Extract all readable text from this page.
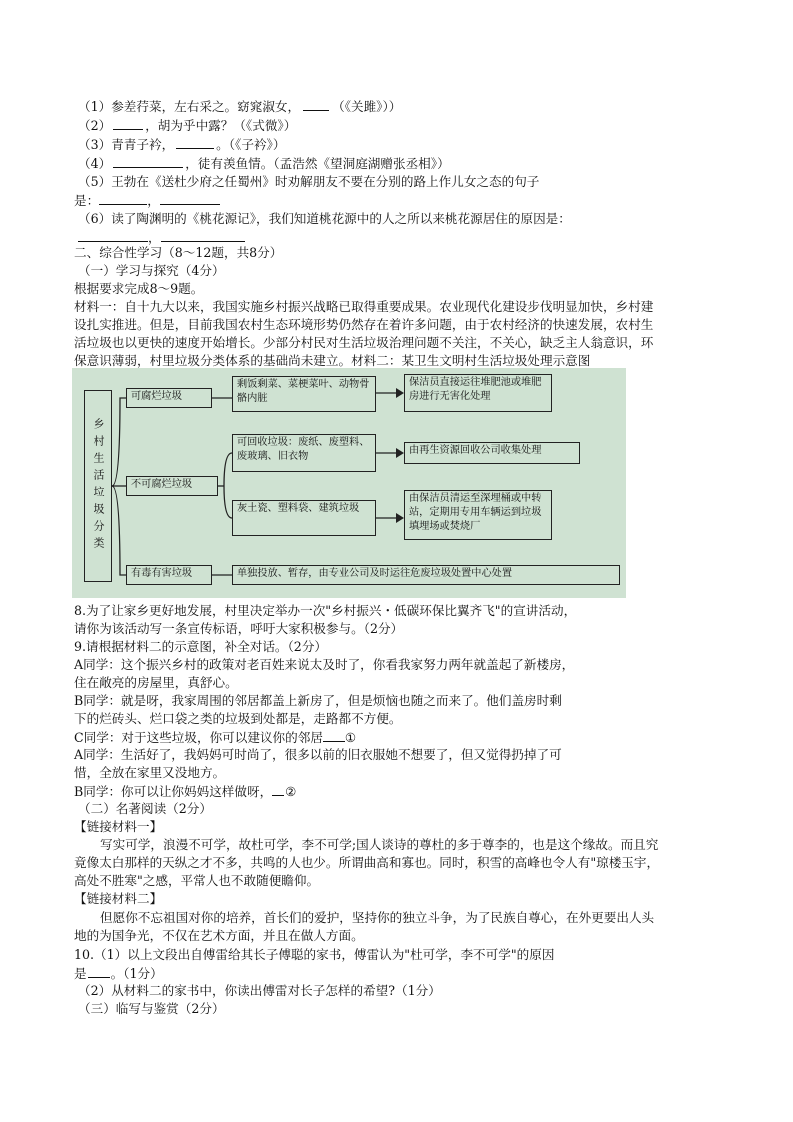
（1）参差荇菜，左右采之。窈窕淑女，	（《关雎》））
（2）	，胡为乎中露？（《式微》）
（3）青青子衿，	。（《子衿》）
（4）	，徒有羡鱼情。（孟浩然《望洞庭湖赠张丞相》）
（5）王勃在《送杜少府之任蜀州》时劝解朋友不要在分别的路上作儿女之态的句子
是：	，
（6）读了陶渊明的《桃花源记》，我们知道桃花源中的人之所以来桃花源居住的原因是：
，
二、综合性学习（8～12题，共8分）
（一）学习与探究（4分）
根据要求完成8～9题。
材料一：自十九大以来，我国实施乡村振兴战略已取得重要成果。农业现代化建设步伐明显加快，乡村建
设扎实推进。但是，目前我国农村生态环境形势仍然存在着许多问题，由于农村经济的快速发展，农村生
活垃圾也以更快的速度开始增长。少部分村民对生活垃圾治理问题不关注，不关心，缺乏主人翁意识，环
保意识薄弱，村里垃圾分类体系的基础尚未建立。材料二：某卫生文明村生活垃圾处理示意图
乡村生活垃圾分类
可腐烂垃圾
不可腐烂垃圾
有毒有害垃圾
剩饭剩菜、菜梗菜叶、动物骨骼内脏
可回收垃圾：废纸、废塑料、废玻璃、旧衣物
灰土瓷、塑料袋、建筑垃圾
单独投放、暂存，由专业公司及时运往危废垃圾处置中心处置
保洁员直接运往堆肥池或堆肥房进行无害化处理
由再生资源回收公司收集处理
由保洁员清运至深埋桶或中转站，定期用专用车辆运到垃圾填埋场或焚烧厂
8.为了让家乡更好地发展，村里决定举办一次"乡村振兴・低碳环保比翼齐飞"的宣讲活动，
请你为该活动写一条宣传标语，呼吁大家积极参与。（2分）
9.请根据材料二的示意图，补全对话。（2分）
A同学：这个振兴乡村的政策对老百姓来说太及时了，你看我家努力两年就盖起了新楼房，
住在敞亮的房屋里，真舒心。
B同学：就是呀，我家周围的邻居都盖上新房了，但是烦恼也随之而来了。他们盖房时剩
下的烂砖头、烂口袋之类的垃圾到处都是，走路都不方便。
C同学：对于这些垃圾，你可以建议你的邻居 ①
A同学：生活好了，我妈妈可时尚了，很多以前的旧衣服她不想要了，但又觉得扔掉了可
惜，全放在家里又没地方。
B同学：你可以让你妈妈这样做呀， ②
（二）名著阅读（2分）
【链接材料一】
写实可学，浪漫不可学，故杜可学，李不可学;国人谈诗的尊杜的多于尊李的，也是这个缘故。而且究
竟像太白那样的天纵之才不多，共鸣的人也少。所谓曲高和寡也。同时，积雪的高峰也令人有"琼楼玉宇，
高处不胜寒"之感，平常人也不敢随便瞻仰。
【链接材料二】
但愿你不忘祖国对你的培养，首长们的爱护，坚持你的独立斗争，为了民族自尊心，在外更要出人头
地的为国争光，不仅在艺术方面，并且在做人方面。
10.（1）以上文段出自傅雷给其长子傅聪的家书，傅雷认为"杜可学，李不可学"的原因
是 。（1分）
（2）从材料二的家书中，你读出傅雷对长子怎样的希望?（1分）
（三）临写与鉴赏（2分）
